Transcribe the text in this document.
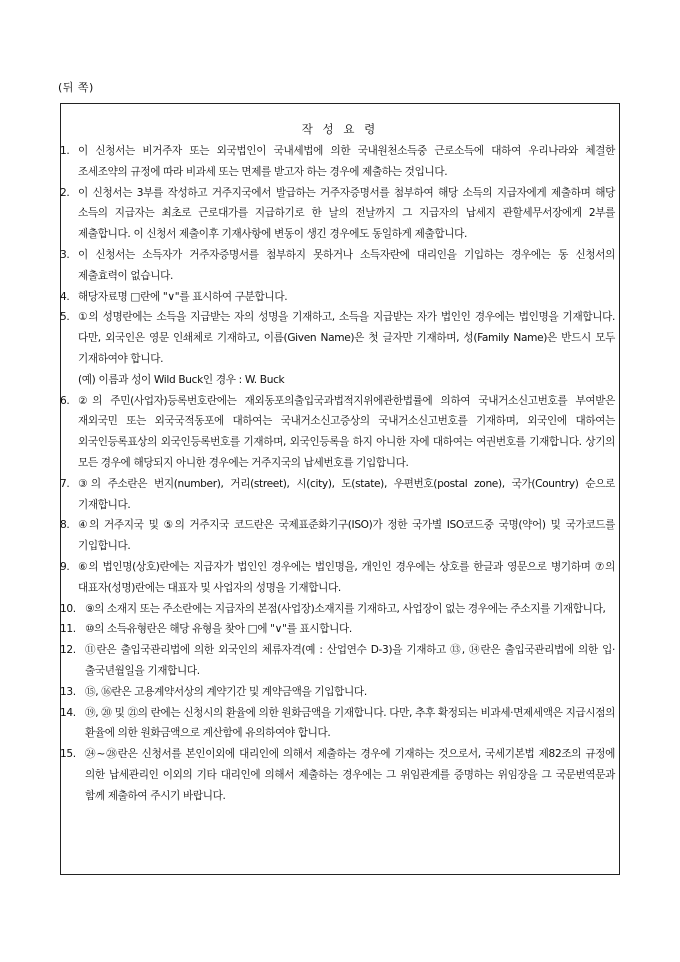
(뒤 쪽)
작 성 요 령
1. 이 신청서는 비거주자 또는 외국법인이 국내세법에 의한 국내원천소득중 근로소득에 대하여 우리나라와 체결한 조세조약의 규정에 따라 비과세 또는 면제를 받고자 하는 경우에 제출하는 것입니다.
2. 이 신청서는 3부를 작성하고 거주지국에서 발급하는 거주자증명서를 첨부하여 해당 소득의 지급자에게 제출하며 해당 소득의 지급자는 최초로 근로대가를 지급하기로 한 날의 전날까지 그 지급자의 납세지 관할세무서장에게 2부를 제출합니다. 이 신청서 제출이후 기재사항에 변동이 생긴 경우에도 동일하게 제출합니다.
3. 이 신청서는 소득자가 거주자증명서를 첨부하지 못하거나 소득자란에 대리인을 기입하는 경우에는 동 신청서의 제출효력이 없습니다.
4. 해당자료명 □란에 "∨"를 표시하여 구분합니다.
5. ①의 성명란에는 소득을 지급받는 자의 성명을 기재하고, 소득을 지급받는 자가 법인인 경우에는 법인명을 기재합니다. 다만, 외국인은 영문 인쇄체로 기재하고, 이름(Given Name)은 첫 글자만 기재하며, 성(Family Name)은 반드시 모두 기재하여야 합니다.
(예) 이름과 성이 Wild Buck인 경우 : W. Buck
6. ②의 주민(사업자)등록번호란에는 재외동포의출입국과법적지위에관한법률에 의하여 국내거소신고번호를 부여받은 재외국민 또는 외국국적동포에 대하여는 국내거소신고증상의 국내거소신고번호를 기재하며, 외국인에 대하여는 외국인등록표상의 외국인등록번호를 기재하며, 외국인등록을 하지 아니한 자에 대하여는 여권번호를 기재합니다. 상기의 모든 경우에 해당되지 아니한 경우에는 거주지국의 납세번호를 기입합니다.
7. ③의 주소란은 번지(number), 거리(street), 시(city), 도(state), 우편번호(postal zone), 국가(Country) 순으로 기재합니다.
8. ④의 거주지국 및 ⑤의 거주지국 코드란은 국제표준화기구(ISO)가 정한 국가별 ISO코드중 국명(약어) 및 국가코드를 기입합니다.
9. ⑥의 법인명(상호)란에는 지급자가 법인인 경우에는 법인명을, 개인인 경우에는 상호를 한글과 영문으로 병기하며 ⑦의 대표자(성명)란에는 대표자 및 사업자의 성명을 기재합니다.
10. ⑨의 소재지 또는 주소란에는 지급자의 본점(사업장)소재지를 기재하고, 사업장이 없는 경우에는 주소지를 기재합니다,
11. ⑩의 소득유형란은 해당 유형을 찾아 □에 "∨"를 표시합니다.
12. ⑪란은 출입국관리법에 의한 외국인의 체류자격(예 : 산업연수 D-3)을 기재하고 ⑬, ⑭란은 출입국관리법에 의한 입·출국년월일을 기재합니다.
13. ⑮, ⑯란은 고용계약서상의 계약기간 및 계약금액을 기입합니다.
14. ⑲, ⑳ 및 ㉑의 란에는 신청시의 환율에 의한 원화금액을 기재합니다. 다만, 추후 확정되는 비과세·면제세액은 지급시점의 환율에 의한 원화금액으로 계산함에 유의하여야 합니다.
15. ㉔~㉘란은 신청서를 본인이외에 대리인에 의해서 제출하는 경우에 기재하는 것으로서, 국세기본법 제82조의 규정에 의한 납세관리인 이외의 기타 대리인에 의해서 제출하는 경우에는 그 위임관계를 증명하는 위임장을 그 국문번역문과 함께 제출하여 주시기 바랍니다.
